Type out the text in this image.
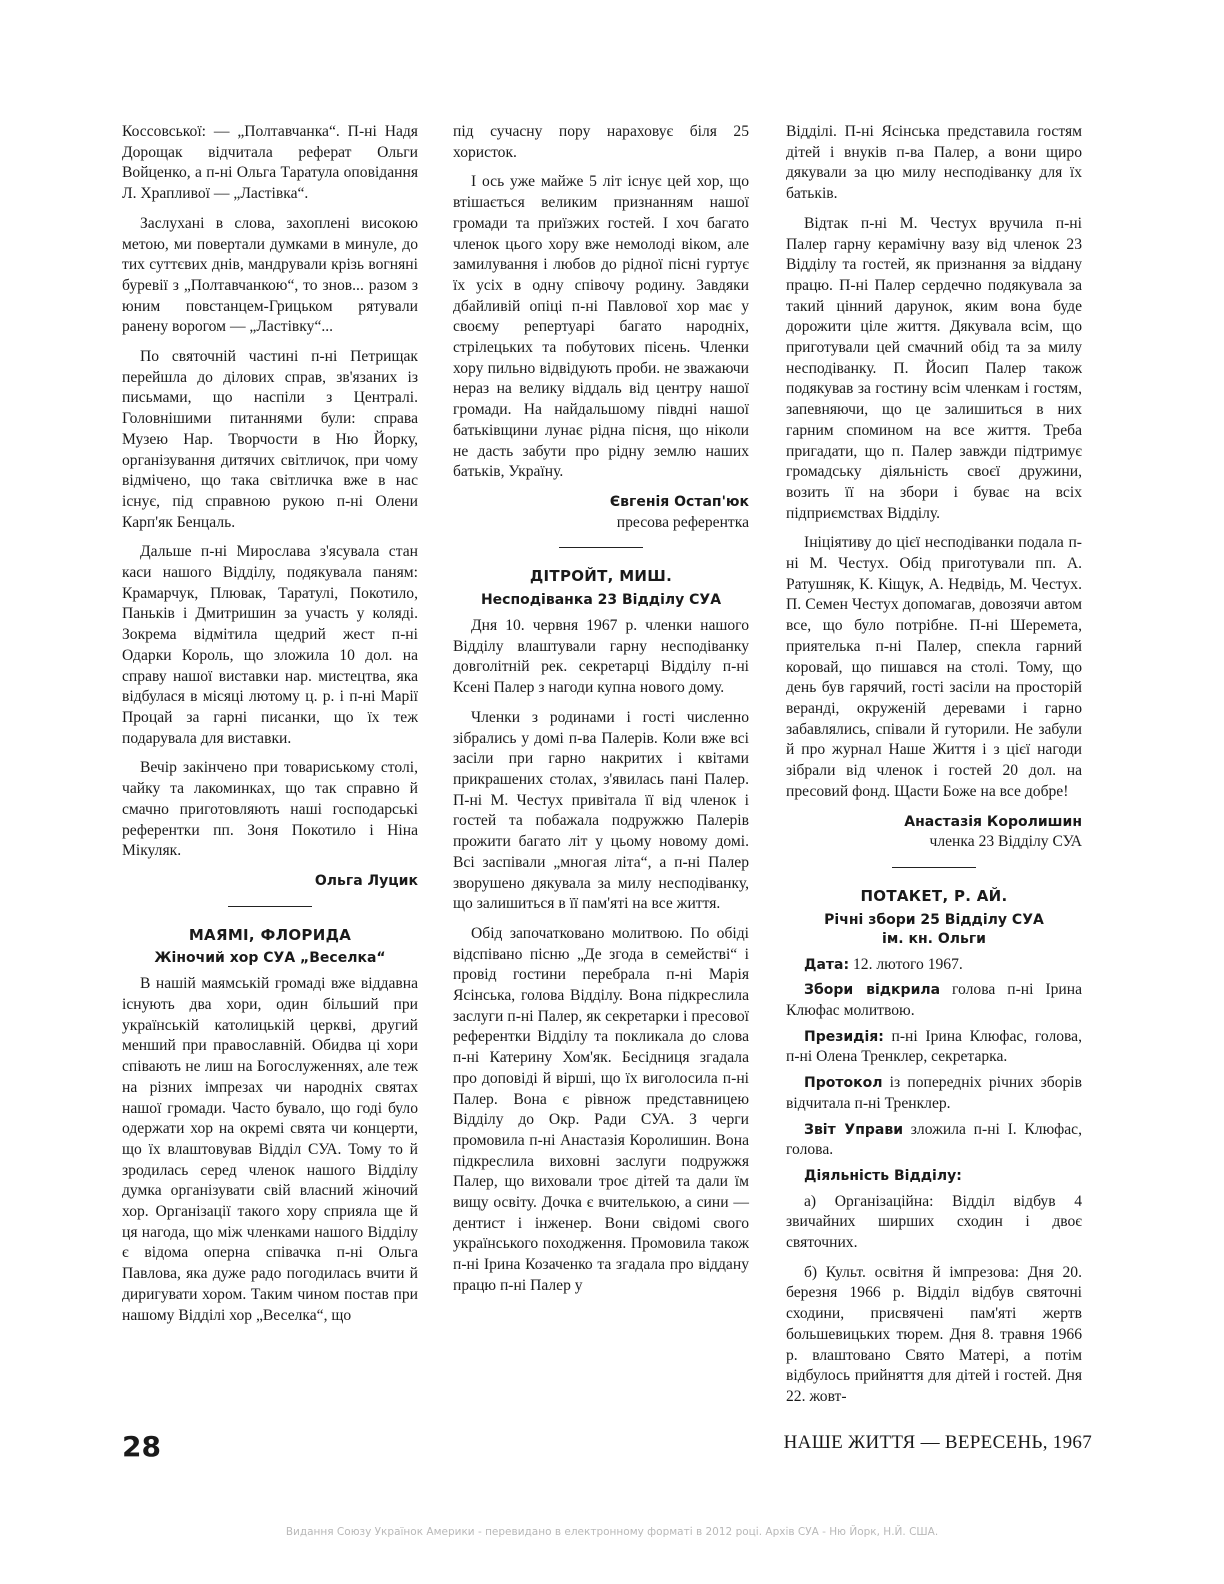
Коссовської: — „Полтавчанка“. П-ні Надя Дорощак відчитала реферат Ольги Войценко, а п-ні Ольга Таратула оповідання Л. Храпливої — „Ластівка“.

Заслухані в слова, захоплені високою метою, ми повертали думками в минуле, до тих суттєвих днів, мандрували крізь вогняні буревії з „Полтавчанкою“, то знов... разом з юним повстанцем-Грицьком рятували ранену ворогом — „Ластівку“...

По святочній частині п-ні Петрищак перейшла до ділових справ, зв'язаних із письмами, що наспіли з Централі. Головнішими питаннями були: справа Музею Нар. Творчости в Ню Йорку, організування дитячих світличок, при чому відмічено, що така світличка вже в нас існує, під справною рукою п-ні Олени Карп'як Бенцаль.

Дальше п-ні Мирослава з'ясувала стан каси нашого Відділу, подякувала паням: Крамарчук, Плювак, Таратулі, Покотило, Паньків і Дмитришин за участь у коляді. Зокрема відмітила щедрий жест п-ні Одарки Король, що зложила 10 дол. на справу нашої виставки нар. мистецтва, яка відбулася в місяці лютому ц. р. і п-ні Марії Процай за гарні писанки, що їх теж подарувала для виставки.

Вечір закінчено при товариському столі, чайку та лакоминках, що так справно й смачно приготовляють наші господарські референтки пп. Зоня Покотило і Ніна Мікуляк.

Ольга Луцик
МАЯМІ, ФЛОРИДА
Жіночий хор СУА „Веселка“

В нашій маямській громаді вже віддавна існують два хори, один більший при українській католицькій церкві, другий менший при православній. Обидва ці хори співають не лиш на Богослуженнях, але теж на різних імпрезах чи народніх святах нашої громади. Часто бувало, що годі було одержати хор на окремі свята чи концерти, що їх влаштовував Відділ СУА. Тому то й зродилась серед членок нашого Відділу думка організувати свій власний жіночий хор. Організації такого хору сприяла ще й ця нагода, що між членками нашого Відділу є відома оперна співачка п-ні Ольга Павлова, яка дуже радо погодилась вчити й диригувати хором. Таким чином постав при нашому Відділі хор „Веселка“, що

під сучасну пору нараховує біля 25 хористок.

І ось уже майже 5 літ існує цей хор, що втішається великим признанням нашої громади та приїзжих гостей. І хоч багато членок цього хору вже немолоді віком, але замилування і любов до рідної пісні гуртує їх усіх в одну співочу родину. Завдяки дбайливій опіці п-ні Павлової хор має у своєму репертуарі багато народніх, стрілецьких та побутових пісень. Членки хору пильно відвідують проби. не зважаючи нераз на велику віддаль від центру нашої громади. На найдальшому півдні нашої батьківщини лунає рідна пісня, що ніколи не дасть забути про рідну землю наших батьків, Україну.

Євгенія Остап'юк
пресова референтка
ДІТРОЙТ, МИШ.
Несподіванка 23 Відділу СУА

Дня 10. червня 1967 р. членки нашого Відділу влаштували гарну несподіванку довголітній рек. секретарці Відділу п-ні Ксені Палер з нагоди купна нового дому.

Членки з родинами і гості численно зібрались у домі п-ва Палерів. Коли вже всі засіли при гарно накритих і квітами прикрашених столах, з'явилась пані Палер. П-ні М. Честух привітала її від членок і гостей та побажала подружжю Палерів прожити багато літ у цьому новому домі. Всі заспівали „многая літа“, а п-ні Палер зворушено дякувала за милу несподіванку, що залишиться в її пам'яті на все життя.

Обід започатковано молитвою. По обіді відспівано пісню „Де згода в семействі“ і провід гостини перебрала п-ні Марія Ясінська, голова Відділу. Вона підкреслила заслуги п-ні Палер, як секретарки і пресової референтки Відділу та покликала до слова п-ні Катерину Хом'як. Бесідниця згадала про доповіді й вірші, що їх виголосила п-ні Палер. Вона є рівнож представницею Відділу до Окр. Ради СУА. З черги промовила п-ні Анастазія Королишин. Вона підкреслила виховні заслуги подружжя Палер, що виховали троє дітей та дали їм вищу освіту. Дочка є вчителькою, а сини — дентист і інженер. Вони свідомі свого українського походження. Промовила також п-ні Ірина Козаченко та згадала про віддану працю п-ні Палер у

Відділі. П-ні Ясінська представила гостям дітей і внуків п-ва Палер, а вони щиро дякували за цю милу несподіванку для їх батьків.

Відтак п-ні М. Честух вручила п-ні Палер гарну керамічну вазу від членок 23 Відділу та гостей, як признання за віддану працю. П-ні Палер сердечно подякувала за такий цінний дарунок, яким вона буде дорожити ціле життя. Дякувала всім, що приготували цей смачний обід та за милу несподіванку. П. Йосип Палер також подякував за гостину всім членкам і гостям, запевняючи, що це залишиться в них гарним спомином на все життя. Треба пригадати, що п. Палер завжди підтримує громадську діяльність своєї дружини, возить її на збори і буває на всіх підприємствах Відділу.

Ініціятиву до цієї несподіванки подала п-ні М. Честух. Обід приготували пп. А. Ратушняк, К. Кіщук, А. Недвідь, М. Честух. П. Семен Честух допомагав, довозячи автом все, що було потрібне. П-ні Шеремета, приятелька п-ні Палер, спекла гарний коровай, що пишався на столі. Тому, що день був гарячий, гості засіли на просторій веранді, окруженій деревами і гарно забавлялись, співали й гуторили. Не забули й про журнал Наше Життя і з цієї нагоди зібрали від членок і гостей 20 дол. на пресовий фонд. Щасти Боже на все добре!

Анастазія Королишин
членка 23 Відділу СУА
ПОТАКЕТ, Р. АЙ.
Річні збори 25 Відділу СУА
ім. кн. Ольги
Дата: 12. лютого 1967.
Збори відкрила голова п-ні Ірина Клюфас молитвою.
Президія: п-ні Ірина Клюфас, голова, п-ні Олена Тренклер, секретарка.
Протокол із попередніх річних зборів відчитала п-ні Тренклер.
Звіт Управи зложила п-ні І. Клюфас, голова.
Діяльність Відділу:

а) Організаційна: Відділ відбув 4 звичайних ширших сходин і двоє святочних.

б) Культ. освітня й імпрезова: Дня 20. березня 1966 р. Відділ відбув святочні сходини, присвячені пам'яті жертв большевицьких тюрем. Дня 8. травня 1966 р. влаштовано Свято Матері, а потім відбулось прийняття для дітей і гостей. Дня 22. жовт-

28	НАШЕ ЖИТТЯ — ВЕРЕСЕНЬ, 1967
Видання Союзу Українок Америки - перевидано в електронному форматі в 2012 році. Архів СУА - Ню Йорк, Н.Й. США.
